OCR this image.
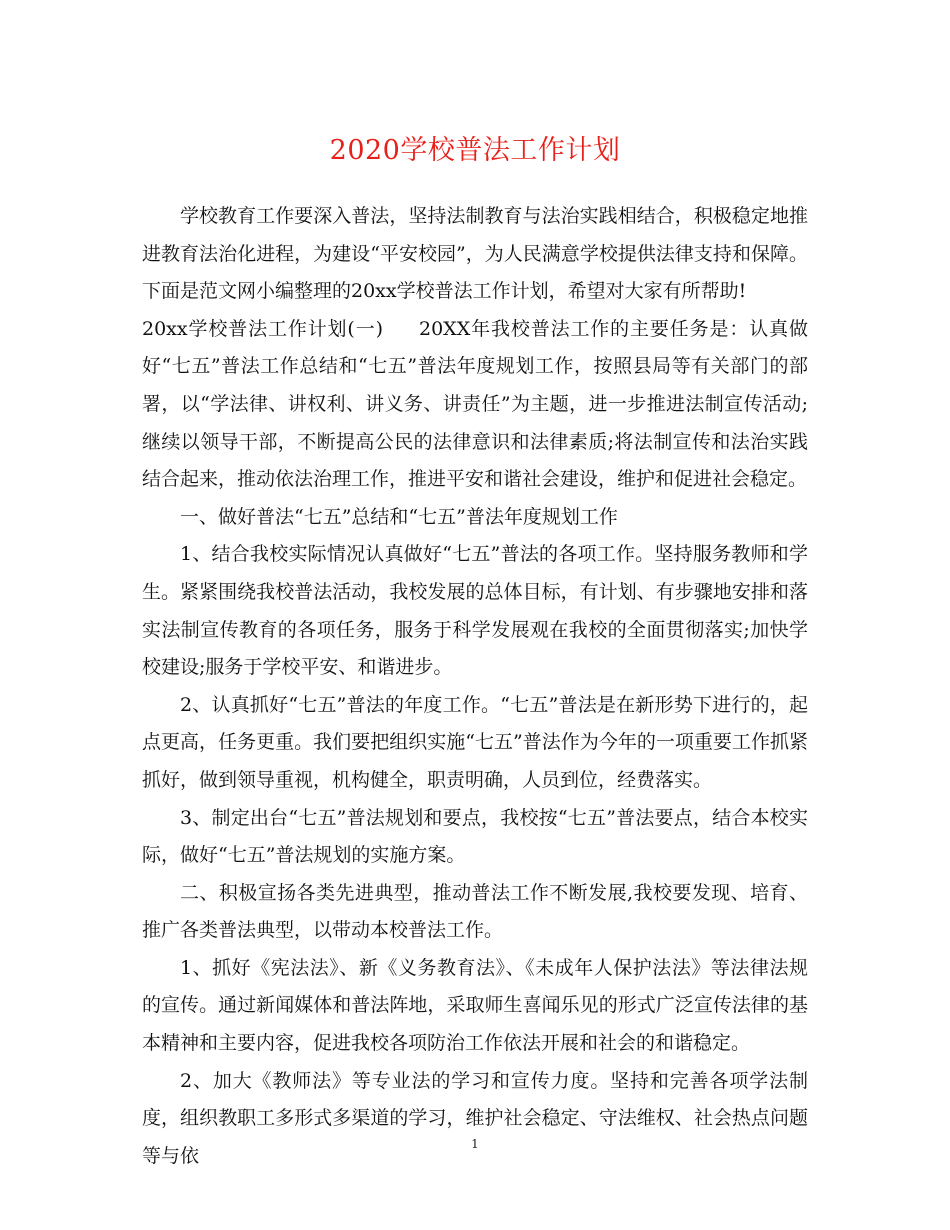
2020学校普法工作计划

学校教育工作要深入普法，坚持法制教育与法治实践相结合，积极稳定地推进教育法治化进程，为建设“平安校园”，为人民满意学校提供法律支持和保障。下面是范文网小编整理的20xx学校普法工作计划，希望对大家有所帮助!

20xx学校普法工作计划(一) 20XX年我校普法工作的主要任务是：认真做好“七五”普法工作总结和“七五”普法年度规划工作，按照县局等有关部门的部署，以“学法律、讲权利、讲义务、讲责任”为主题，进一步推进法制宣传活动;继续以领导干部，不断提高公民的法律意识和法律素质;将法制宣传和法治实践结合起来，推动依法治理工作，推进平安和谐社会建设，维护和促进社会稳定。

一、做好普法“七五”总结和“七五”普法年度规划工作

1、结合我校实际情况认真做好“七五”普法的各项工作。坚持服务教师和学生。紧紧围绕我校普法活动，我校发展的总体目标，有计划、有步骤地安排和落实法制宣传教育的各项任务，服务于科学发展观在我校的全面贯彻落实;加快学校建设;服务于学校平安、和谐进步。

2、认真抓好“七五”普法的年度工作。“七五”普法是在新形势下进行的，起点更高，任务更重。我们要把组织实施“七五”普法作为今年的一项重要工作抓紧抓好，做到领导重视，机构健全，职责明确，人员到位，经费落实。

3、制定出台“七五”普法规划和要点，我校按“七五”普法要点，结合本校实际，做好“七五”普法规划的实施方案。

二、积极宣扬各类先进典型，推动普法工作不断发展,我校要发现、培育、推广各类普法典型，以带动本校普法工作。

1、抓好《宪法法》、新《义务教育法》、《未成年人保护法法》等法律法规的宣传。通过新闻媒体和普法阵地，采取师生喜闻乐见的形式广泛宣传法律的基本精神和主要内容，促进我校各项防治工作依法开展和社会的和谐稳定。

2、加大《教师法》等专业法的学习和宣传力度。坚持和完善各项学法制度，组织教职工多形式多渠道的学习，维护社会稳定、守法维权、社会热点问题等与依

1
